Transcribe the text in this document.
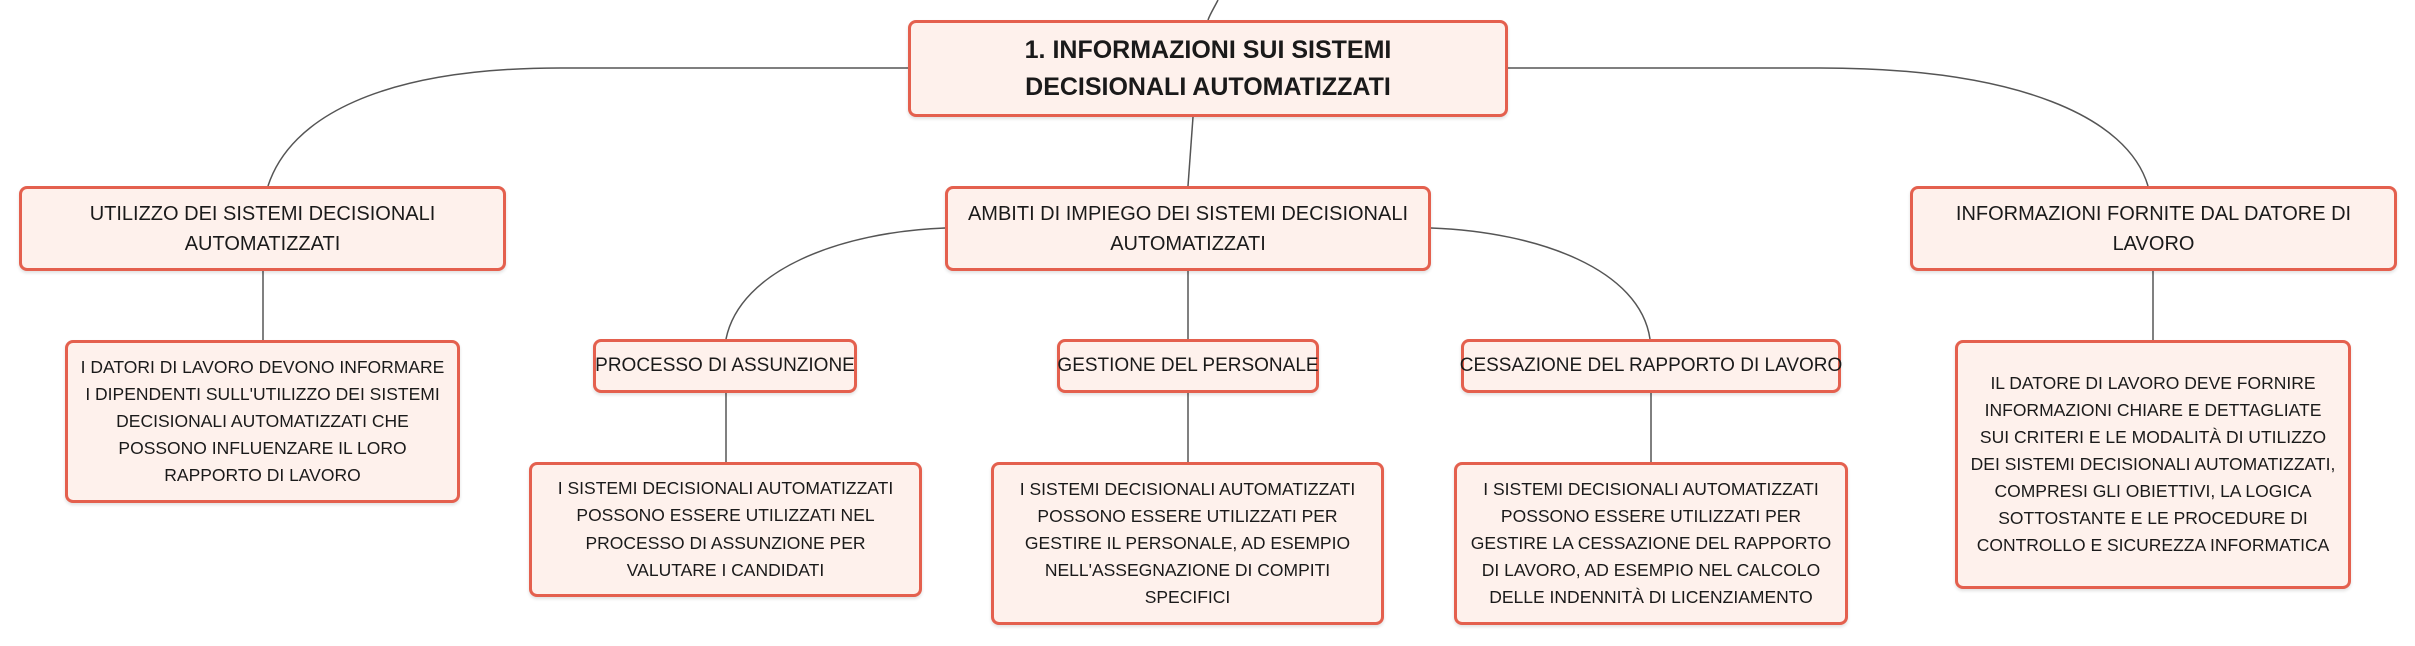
1. INFORMAZIONI SUI SISTEMI DECISIONALI AUTOMATIZZATI
UTILIZZO DEI SISTEMI DECISIONALI AUTOMATIZZATI
AMBITI DI IMPIEGO DEI SISTEMI DECISIONALI AUTOMATIZZATI
INFORMAZIONI FORNITE DAL DATORE DI LAVORO
PROCESSO DI ASSUNZIONE	GESTIONE DEL PERSONALE	CESSAZIONE DEL RAPPORTO DI LAVORO
I DATORI DI LAVORO DEVONO INFORMARE I DIPENDENTI SULL'UTILIZZO DEI SISTEMI DECISIONALI AUTOMATIZZATI CHE POSSONO INFLUENZARE IL LORO RAPPORTO DI LAVORO
I SISTEMI DECISIONALI AUTOMATIZZATI POSSONO ESSERE UTILIZZATI NEL PROCESSO DI ASSUNZIONE PER VALUTARE I CANDIDATI
I SISTEMI DECISIONALI AUTOMATIZZATI POSSONO ESSERE UTILIZZATI PER GESTIRE IL PERSONALE, AD ESEMPIO NELL'ASSEGNAZIONE DI COMPITI SPECIFICI
I SISTEMI DECISIONALI AUTOMATIZZATI POSSONO ESSERE UTILIZZATI PER GESTIRE LA CESSAZIONE DEL RAPPORTO DI LAVORO, AD ESEMPIO NEL CALCOLO DELLE INDENNITÀ DI LICENZIAMENTO
IL DATORE DI LAVORO DEVE FORNIRE INFORMAZIONI CHIARE E DETTAGLIATE SUI CRITERI E LE MODALITÀ DI UTILIZZO DEI SISTEMI DECISIONALI AUTOMATIZZATI, COMPRESI GLI OBIETTIVI, LA LOGICA SOTTOSTANTE E LE PROCEDURE DI CONTROLLO E SICUREZZA INFORMATICA
